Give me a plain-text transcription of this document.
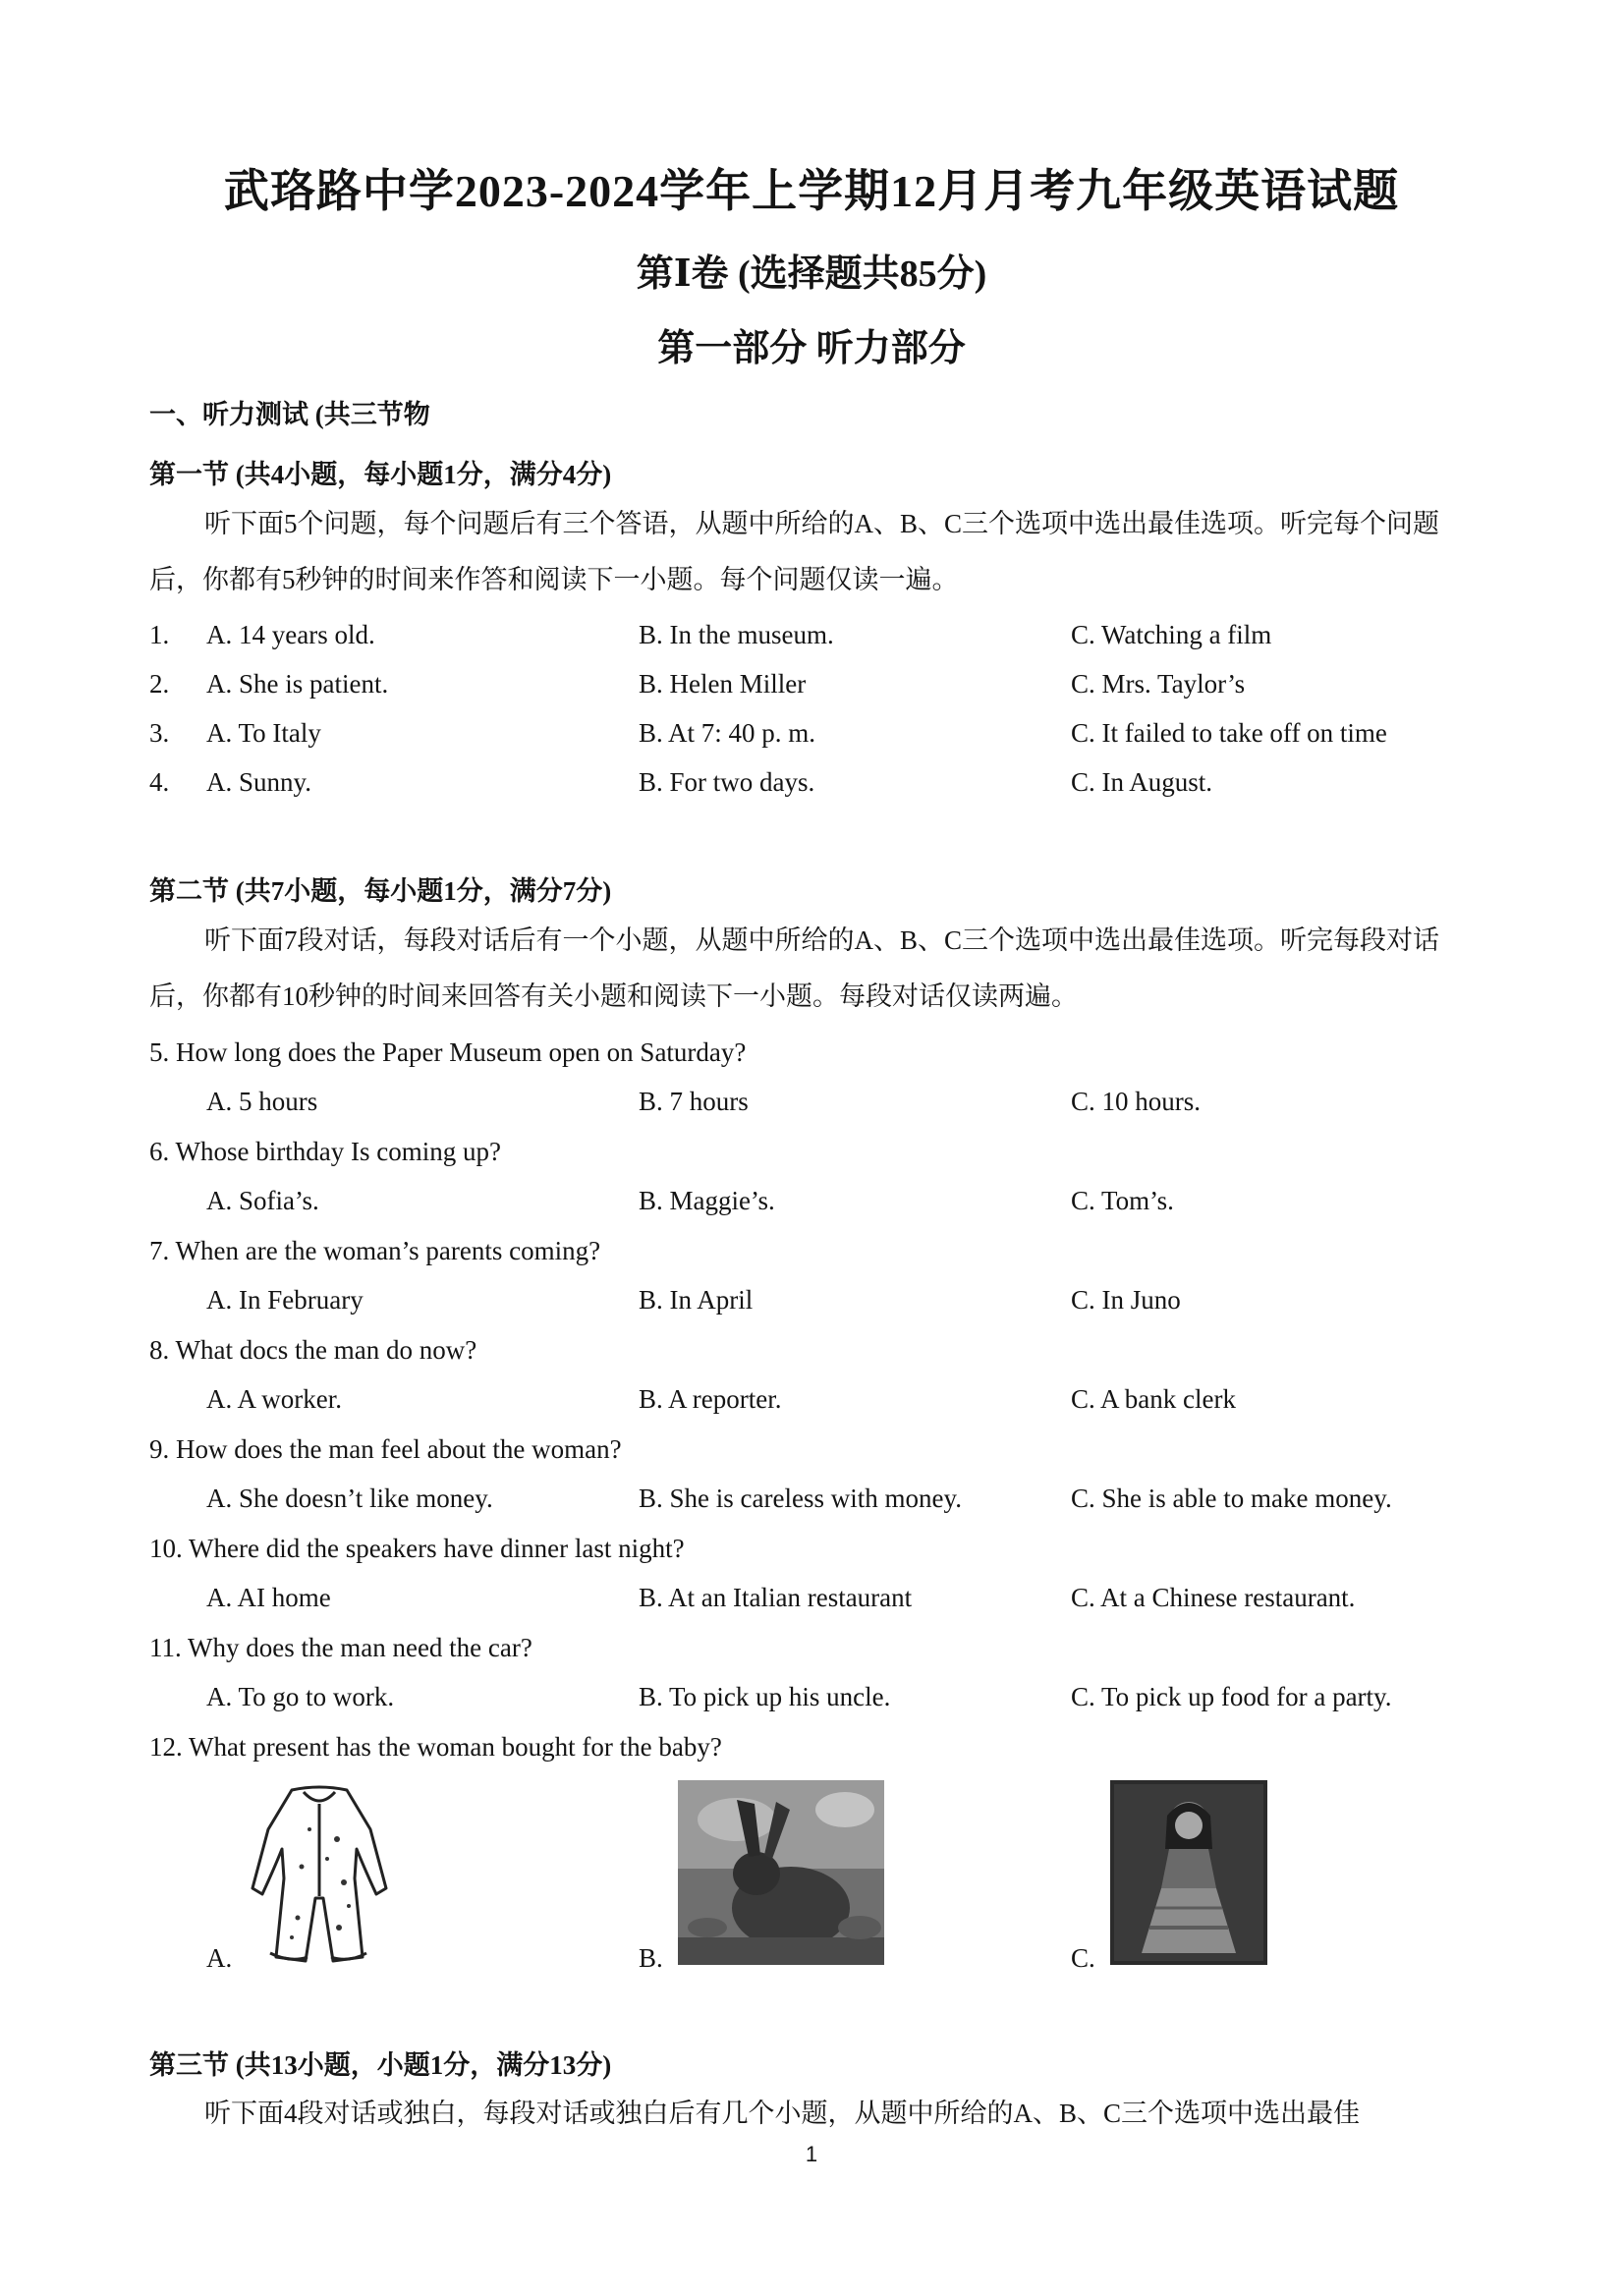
武珞路中学2023-2024学年上学期12月月考九年级英语试题
第Ⅰ卷 (选择题共85分)
第一部分 听力部分
一、听力测试 (共三节物
第一节 (共4小题，每小题1分，满分4分)
听下面5个问题，每个问题后有三个答语，从题中所给的A、B、C三个选项中选出最佳选项。听完每个问题后，你都有5秒钟的时间来作答和阅读下一小题。每个问题仅读一遍。
1. A. 14 years old.	B. In the museum.	C. Watching a film
2. A. She is patient.	B. Helen Miller	C. Mrs. Taylor’s
3. A. To Italy	B. At 7: 40 p. m.	C. It failed to take off on time
4. A. Sunny.	B. For two days.	C. In August.
第二节 (共7小题，每小题1分，满分7分)
听下面7段对话，每段对话后有一个小题，从题中所给的A、B、C三个选项中选出最佳选项。听完每段对话后，你都有10秒钟的时间来回答有关小题和阅读下一小题。每段对话仅读两遍。
5. How long does the Paper Museum open on Saturday?
A. 5 hours	B. 7 hours	C. 10 hours.
6. Whose birthday Is coming up?
A. Sofia’s.	B. Maggie’s.	C. Tom’s.
7. When are the woman’s parents coming?
A. In February	B. In April	C. In Juno
8. What docs the man do now?
A. A worker.	B. A reporter.	C. A bank clerk
9. How does the man feel about the woman?
A. She doesn’t like money.	B. She is careless with money.	C. She is able to make money.
10. Where did the speakers have dinner last night?
A. AI home	B. At an Italian restaurant	C. At a Chinese restaurant.
11. Why does the man need the car?
A. To go to work.	B. To pick up his uncle.	C. To pick up food for a party.
12. What present has the woman bought for the baby?
A.	B.	C.
第三节 (共13小题，小题1分，满分13分)
听下面4段对话或独白，每段对话或独白后有几个小题，从题中所给的A、B、C三个选项中选出最佳
1
